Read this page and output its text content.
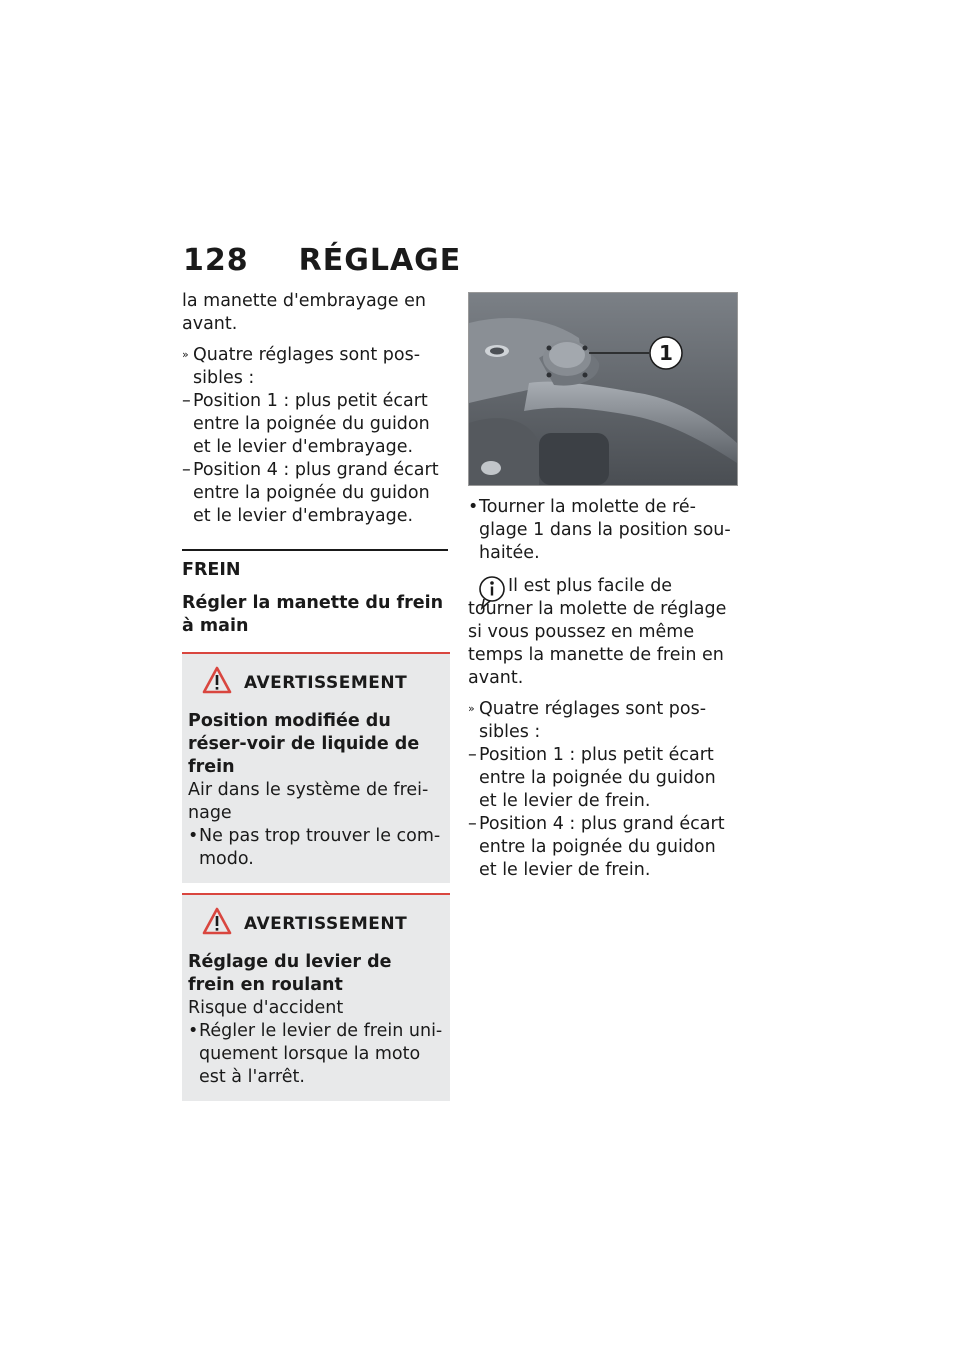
128 RÉGLAGE

la manette d'embrayage en avant.

» Quatre réglages sont pos-sibles :
– Position 1 : plus petit écart entre la poignée du guidon et le levier d'embrayage.
– Position 4 : plus grand écart entre la poignée du guidon et le levier d'embrayage.

FREIN

Régler la manette du frein à main

AVERTISSEMENT

Position modifiée du réser-voir de liquide de frein

Air dans le système de frei-nage

• Ne pas trop trouver le com-modo.
AVERTISSEMENT

Réglage du levier de frein en roulant

Risque d'accident

• Régler le levier de frein uni-quement lorsque la moto est à l'arrêt.
1
• Tourner la molette de ré-glage 1 dans la position sou-haitée.

Il est plus facile de tourner la molette de réglage si vous poussez en même temps la manette de frein en avant.

» Quatre réglages sont pos-sibles :
– Position 1 : plus petit écart entre la poignée du guidon et le levier de frein.
– Position 4 : plus grand écart entre la poignée du guidon et le levier de frein.
